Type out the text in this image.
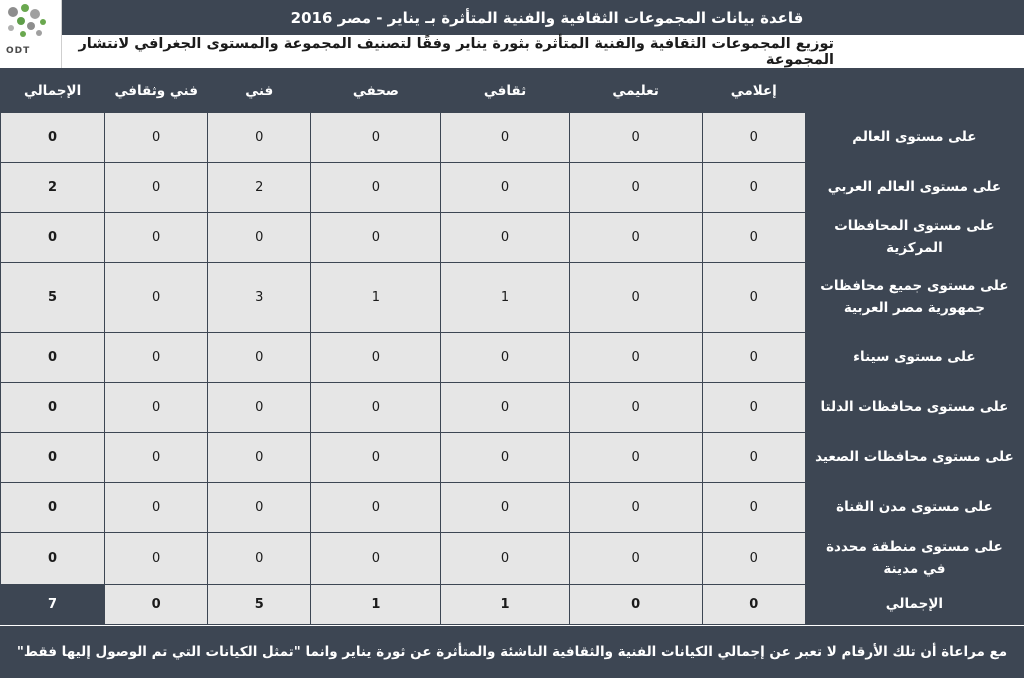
قاعدة بيانات المجموعات الثقافية والفنية المتأثرة بـ يناير - مصر 2016
ODT	توزيع المجموعات الثقافية والفنية المتأثرة بثورة يناير وفقًا لتصنيف المجموعة والمستوى الجغرافي لانتشار المجموعة
	إعلامي	تعليمي	ثقافي	صحفي	فني	فني وثقافي	الإجمالي
على مستوى العالم	0	0	0	0	0	0	0
على مستوى العالم العربي	0	0	0	0	2	0	2
على مستوى المحافظات المركزية	0	0	0	0	0	0	0
على مستوى جميع محافظات جمهورية مصر العربية	0	0	1	1	3	0	5
على مستوى سيناء	0	0	0	0	0	0	0
على مستوى محافظات الدلتا	0	0	0	0	0	0	0
على مستوى محافظات الصعيد	0	0	0	0	0	0	0
على مستوى مدن القناة	0	0	0	0	0	0	0
على مستوى منطقة محددة في مدينة	0	0	0	0	0	0	0
الإجمالي	0	0	1	1	5	0	7
مع مراعاة أن تلك الأرقام لا تعبر عن إجمالي الكيانات الفنية والثقافية الناشئة والمتأثرة عن ثورة يناير وانما "تمثل الكيانات التي تم الوصول إليها فقط"
